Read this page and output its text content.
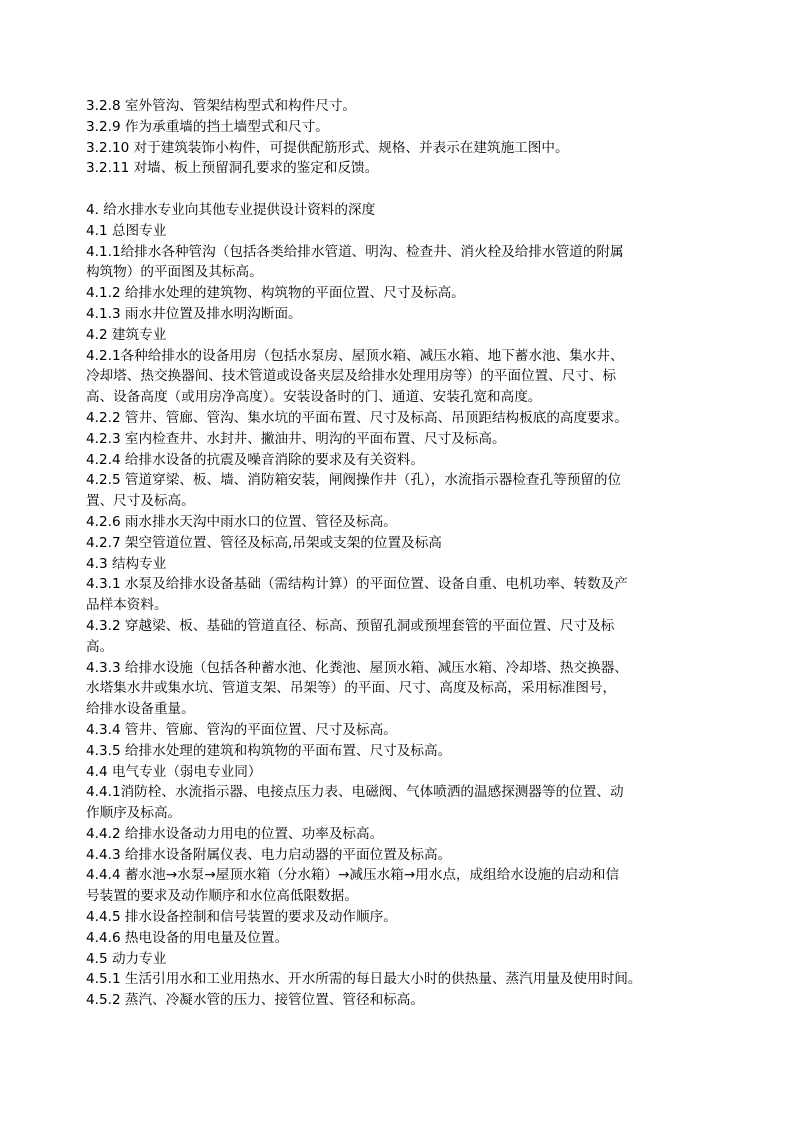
3.2.8 室外管沟、管架结构型式和构件尺寸。
3.2.9 作为承重墙的挡土墙型式和尺寸。
3.2.10 对于建筑装饰小构件，可提供配筋形式、规格、并表示在建筑施工图中。
3.2.11 对墙、板上预留洞孔要求的鉴定和反馈。
4. 给水排水专业向其他专业提供设计资料的深度
4.1 总图专业
4.1.1给排水各种管沟（包括各类给排水管道、明沟、检查井、消火栓及给排水管道的附属
构筑物）的平面图及其标高。
4.1.2 给排水处理的建筑物、构筑物的平面位置、尺寸及标高。
4.1.3 雨水井位置及排水明沟断面。
4.2 建筑专业
4.2.1各种给排水的设备用房（包括水泵房、屋顶水箱、减压水箱、地下蓄水池、集水井、
冷却塔、热交换器间、技术管道或设备夹层及给排水处理用房等）的平面位置、尺寸、标
高、设备高度（或用房净高度）。安装设备时的门、通道、安装孔宽和高度。
4.2.2 管井、管廊、管沟、集水坑的平面布置、尺寸及标高、吊顶距结构板底的高度要求。
4.2.3 室内检查井、水封井、撇油井、明沟的平面布置、尺寸及标高。
4.2.4 给排水设备的抗震及噪音消除的要求及有关资料。
4.2.5 管道穿梁、板、墙、消防箱安装，闸阀操作井（孔），水流指示器检查孔等预留的位
置、尺寸及标高。
4.2.6 雨水排水天沟中雨水口的位置、管径及标高。
4.2.7 架空管道位置、管径及标高,吊架或支架的位置及标高
4.3 结构专业
4.3.1 水泵及给排水设备基础（需结构计算）的平面位置、设备自重、电机功率、转数及产
品样本资料。
4.3.2 穿越梁、板、基础的管道直径、标高、预留孔洞或预埋套管的平面位置、尺寸及标
高。
4.3.3 给排水设施（包括各种蓄水池、化粪池、屋顶水箱、减压水箱、冷却塔、热交换器、
水塔集水井或集水坑、管道支架、吊架等）的平面、尺寸、高度及标高，采用标准图号，
给排水设备重量。
4.3.4 管井、管廊、管沟的平面位置、尺寸及标高。
4.3.5 给排水处理的建筑和构筑物的平面布置、尺寸及标高。
4.4 电气专业（弱电专业同）
4.4.1消防栓、水流指示器、电接点压力表、电磁阀、气体喷洒的温感探测器等的位置、动
作顺序及标高。
4.4.2 给排水设备动力用电的位置、功率及标高。
4.4.3 给排水设备附属仪表、电力启动器的平面位置及标高。
4.4.4 蓄水池→水泵→屋顶水箱（分水箱）→减压水箱→用水点，成组给水设施的启动和信
号装置的要求及动作顺序和水位高低限数据。
4.4.5 排水设备控制和信号装置的要求及动作顺序。
4.4.6 热电设备的用电量及位置。
4.5 动力专业
4.5.1 生活引用水和工业用热水、开水所需的每日最大小时的供热量、蒸汽用量及使用时间。
4.5.2 蒸汽、冷凝水管的压力、接管位置、管径和标高。
